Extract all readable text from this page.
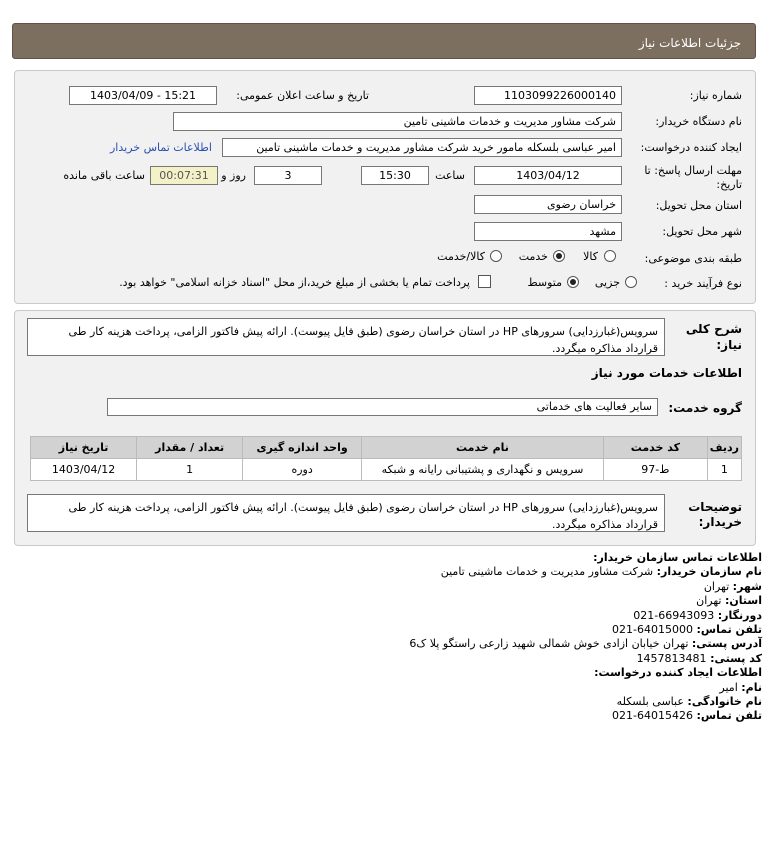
جزئیات اطلاعات نیاز
شماره نیاز:
1103099226000140
تاریخ و ساعت اعلان عمومی:
1403/04/09 - 15:21
نام دستگاه خریدار:
شرکت مشاور مدیریت و خدمات ماشینی تامین
ایجاد کننده درخواست:
امیر عباسی بلسکله مامور خرید شرکت مشاور مدیریت و خدمات ماشینی تامین
اطلاعات تماس خریدار
مهلت ارسال پاسخ: تا
تاریخ:
1403/04/12
ساعت
15:30
3
روز و
00:07:31
ساعت باقی مانده
استان محل تحویل:
خراسان رضوی
شهر محل تحویل:
مشهد
طبقه بندی موضوعی:
کالا
خدمت
کالا/خدمت
نوع فرآیند خرید :
جزیی
متوسط
پرداخت تمام یا بخشی از مبلغ خرید،از محل "اسناد خزانه اسلامی" خواهد بود.
شرح کلی
نیاز:
سرویس(غبارزدایی) سرورهای HP در استان خراسان رضوی (طبق فایل پیوست). ارائه پیش فاکتور الزامی، پرداخت هزینه کار طی قرارداد مذاکره میگردد.
اطلاعات خدمات مورد نیاز
گروه خدمت:
سایر فعالیت های خدماتی
ردیف	کد خدمت	نام خدمت	واحد اندازه گیری	تعداد / مقدار	تاریخ نیاز
1	ط-97	سرویس و نگهداری و پشتیبانی رایانه و شبکه	دوره	1	1403/04/12
توضیحات
خریدار:
سرویس(غبارزدایی) سرورهای HP در استان خراسان رضوی (طبق فایل پیوست). ارائه پیش فاکتور الزامی، پرداخت هزینه کار طی قرارداد مذاکره میگردد.
اطلاعات تماس سازمان خریدار:
نام سازمان خریدار: شرکت مشاور مدیریت و خدمات ماشینی تامین
شهر: تهران
استان: تهران
دورنگار: 66943093-021
تلفن تماس: 64015000-021
آدرس پستی: تهران خیابان ازادی خوش شمالی شهید زارعی راستگو پلا ک6
کد پستی: 1457813481
اطلاعات ایجاد کننده درخواست:
نام: امیر
نام خانوادگی: عباسی بلسکله
تلفن تماس: 64015426-021
